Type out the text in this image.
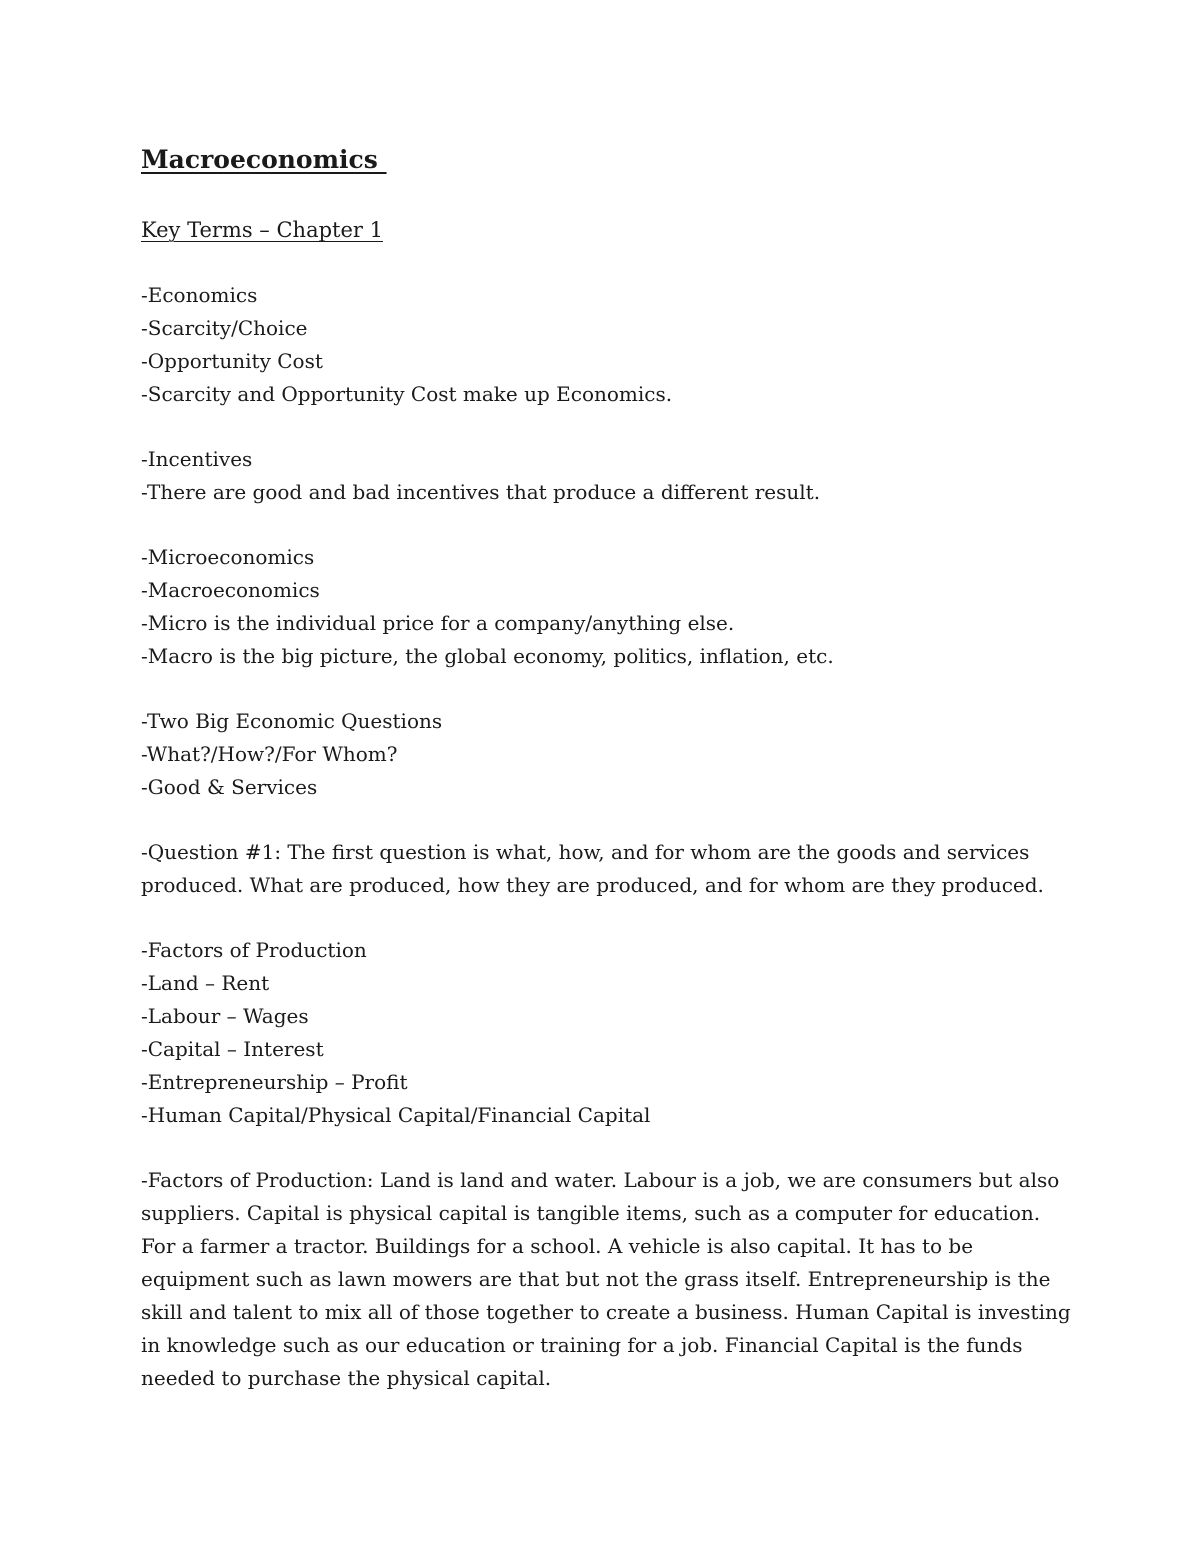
Macroeconomics
Key Terms – Chapter 1
-Economics
-Scarcity/Choice
-Opportunity Cost
-Scarcity and Opportunity Cost make up Economics.
-Incentives
-There are good and bad incentives that produce a different result.
-Microeconomics
-Macroeconomics
-Micro is the individual price for a company/anything else.
-Macro is the big picture, the global economy, politics, inflation, etc.
-Two Big Economic Questions
-What?/How?/For Whom?
-Good & Services

-Question #1: The first question is what, how, and for whom are the goods and services produced. What are produced, how they are produced, and for whom are they produced.

-Factors of Production
-Land – Rent
-Labour – Wages
-Capital – Interest
-Entrepreneurship – Profit
-Human Capital/Physical Capital/Financial Capital

-Factors of Production: Land is land and water. Labour is a job, we are consumers but also suppliers. Capital is physical capital is tangible items, such as a computer for education. For a farmer a tractor. Buildings for a school. A vehicle is also capital. It has to be equipment such as lawn mowers are that but not the grass itself. Entrepreneurship is the skill and talent to mix all of those together to create a business. Human Capital is investing in knowledge such as our education or training for a job. Financial Capital is the funds needed to purchase the physical capital.
